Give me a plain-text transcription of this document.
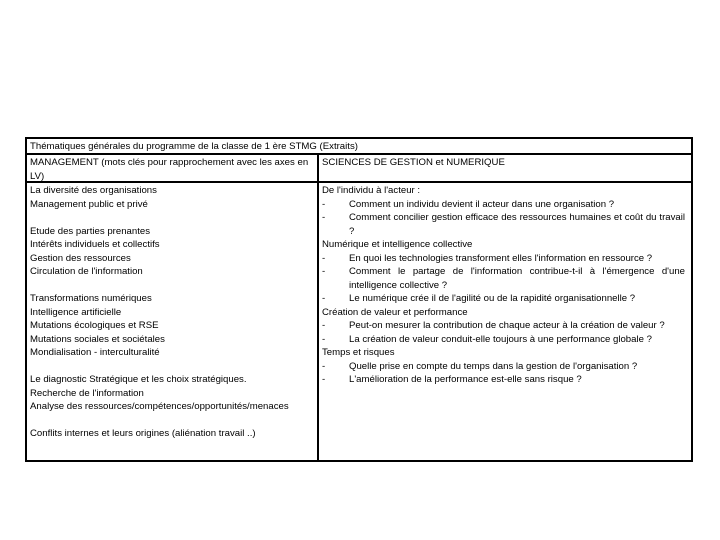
Thématiques générales du programme de la classe de 1 ère STMG (Extraits)
MANAGEMENT (mots clés pour rapprochement avec les axes en LV)
SCIENCES DE GESTION et NUMERIQUE
La diversité des organisations
Management public et privé
Etude des parties prenantes
Intérêts individuels et collectifs
Gestion des ressources
Circulation de l'information
Transformations numériques
Intelligence artificielle
Mutations écologiques et RSE
Mutations sociales et sociétales
Mondialisation - interculturalité
Le diagnostic Stratégique et les choix stratégiques.
Recherche de l'information
Analyse des ressources/compétences/opportunités/menaces
Conflits internes et leurs origines (aliénation travail ..)
De l'individu à l'acteur :
- Comment un individu devient il acteur dans une organisation ?
- Comment concilier gestion efficace des ressources humaines et coût du travail ?
Numérique et intelligence collective
- En quoi les technologies transforment elles l'information en ressource ?
- Comment le partage de l'information contribue-t-il à l'émergence d'une intelligence collective ?
- Le numérique crée il de l'agilité ou de la rapidité organisationnelle ?
Création de valeur et performance
- Peut-on mesurer la contribution de chaque acteur à la création de valeur ?
- La création de valeur conduit-elle toujours à une performance globale ?
Temps et risques
- Quelle prise en compte du temps dans la gestion de l'organisation ?
- L'amélioration de la performance est-elle sans risque ?
